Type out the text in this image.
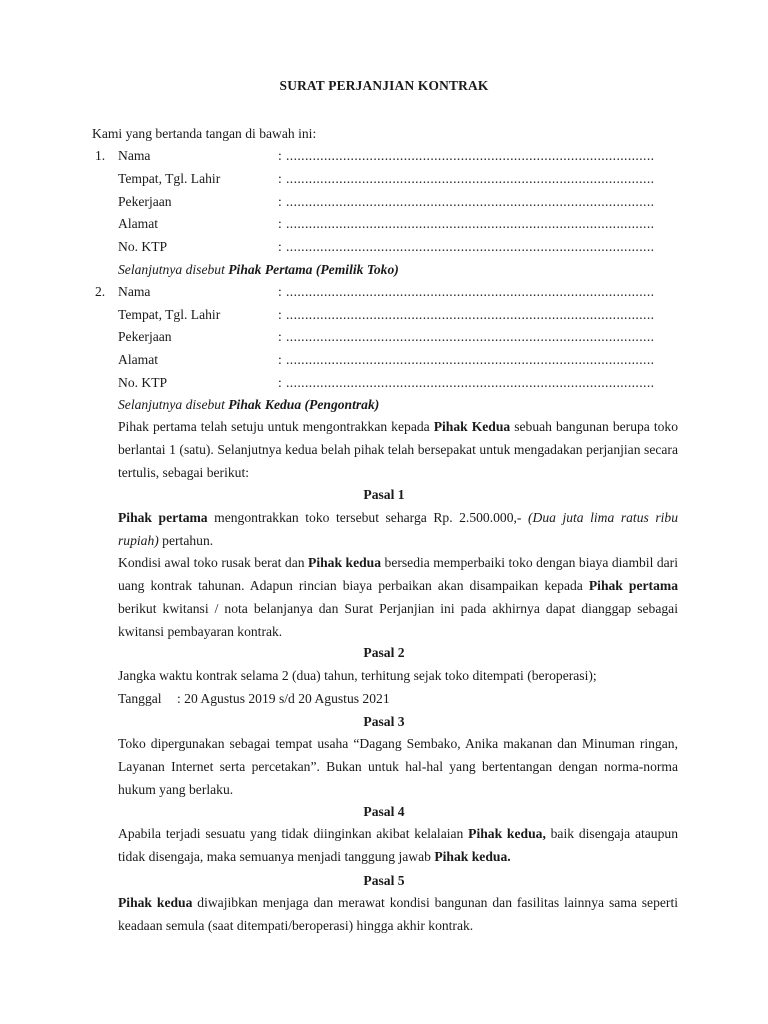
SURAT PERJANJIAN KONTRAK
Kami yang bertanda tangan di bawah ini:
1. Nama	: .................................................................................................
Tempat, Tgl. Lahir	: .................................................................................................
Pekerjaan	: .................................................................................................
Alamat	: .................................................................................................
No. KTP	: .................................................................................................
Selanjutnya disebut Pihak Pertama (Pemilik Toko)
2. Nama	: .................................................................................................
Tempat, Tgl. Lahir	: .................................................................................................
Pekerjaan	: .................................................................................................
Alamat	: .................................................................................................
No. KTP	: .................................................................................................
Selanjutnya disebut Pihak Kedua (Pengontrak)
Pihak pertama telah setuju untuk mengontrakkan kepada Pihak Kedua sebuah bangunan berupa toko berlantai 1 (satu). Selanjutnya kedua belah pihak telah bersepakat untuk mengadakan perjanjian secara tertulis, sebagai berikut:
Pasal 1
Pihak pertama mengontrakkan toko tersebut seharga Rp. 2.500.000,- (Dua juta lima ratus ribu rupiah) pertahun.
Kondisi awal toko rusak berat dan Pihak kedua bersedia memperbaiki toko dengan biaya diambil dari uang kontrak tahunan. Adapun rincian biaya perbaikan akan disampaikan kepada Pihak pertama berikut kwitansi / nota belanjanya dan Surat Perjanjian ini pada akhirnya dapat dianggap sebagai kwitansi pembayaran kontrak.
Pasal 2
Jangka waktu kontrak selama 2 (dua) tahun, terhitung sejak toko ditempati (beroperasi);
Tanggal : 20 Agustus 2019 s/d 20 Agustus 2021
Pasal 3
Toko dipergunakan sebagai tempat usaha “Dagang Sembako, Anika makanan dan Minuman ringan, Layanan Internet serta percetakan”. Bukan untuk hal-hal yang bertentangan dengan norma-norma hukum yang berlaku.
Pasal 4
Apabila terjadi sesuatu yang tidak diinginkan akibat kelalaian Pihak kedua, baik disengaja ataupun tidak disengaja, maka semuanya menjadi tanggung jawab Pihak kedua.
Pasal 5
Pihak kedua diwajibkan menjaga dan merawat kondisi bangunan dan fasilitas lainnya sama seperti keadaan semula (saat ditempati/beroperasi) hingga akhir kontrak.
